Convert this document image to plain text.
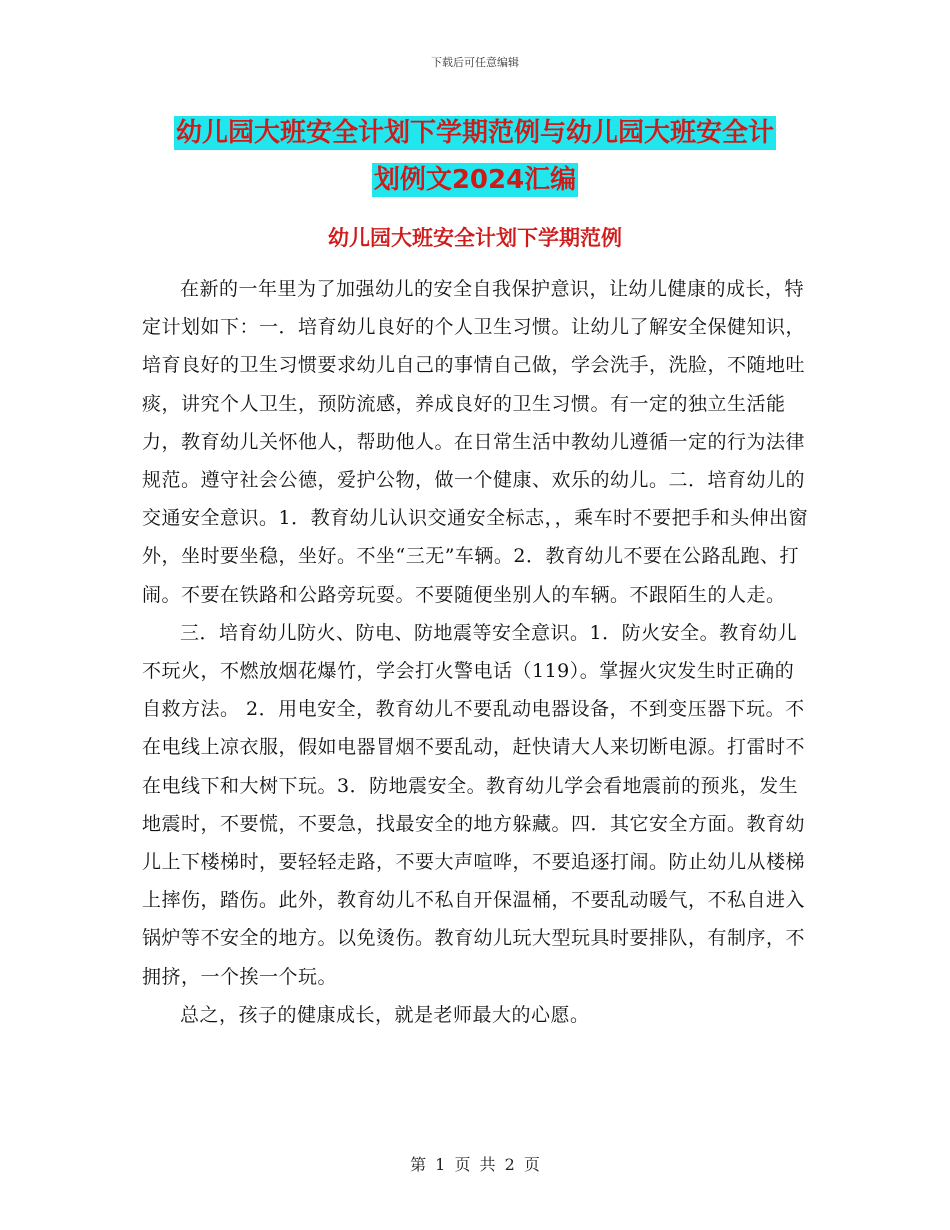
下载后可任意编辑
幼儿园大班安全计划下学期范例与幼儿园大班安全计
划例文2024汇编
幼儿园大班安全计划下学期范例

在新的一年里为了加强幼儿的安全自我保护意识，让幼儿健康的成长，特定计划如下：一．培育幼儿良好的个人卫生习惯。让幼儿了解安全保健知识，培育良好的卫生习惯要求幼儿自己的事情自己做，学会洗手，洗脸，不随地吐痰，讲究个人卫生，预防流感，养成良好的卫生习惯。有一定的独立生活能力，教育幼儿关怀他人，帮助他人。在日常生活中教幼儿遵循一定的行为法律规范。遵守社会公德，爱护公物，做一个健康、欢乐的幼儿。二．培育幼儿的交通安全意识。1．教育幼儿认识交通安全标志，，乘车时不要把手和头伸出窗外，坐时要坐稳，坐好。不坐“三无”车辆。2．教育幼儿不要在公路乱跑、打闹。不要在铁路和公路旁玩耍。不要随便坐别人的车辆。不跟陌生的人走。

三．培育幼儿防火、防电、防地震等安全意识。1．防火安全。教育幼儿不玩火，不燃放烟花爆竹，学会打火警电话（119）。掌握火灾发生时正确的自救方法。 2．用电安全，教育幼儿不要乱动电器设备，不到变压器下玩。不在电线上凉衣服，假如电器冒烟不要乱动，赶快请大人来切断电源。打雷时不在电线下和大树下玩。3．防地震安全。教育幼儿学会看地震前的预兆，发生地震时，不要慌，不要急，找最安全的地方躲藏。四．其它安全方面。教育幼儿上下楼梯时，要轻轻走路，不要大声喧哗，不要追逐打闹。防止幼儿从楼梯上摔伤，踏伤。此外，教育幼儿不私自开保温桶，不要乱动暖气，不私自进入锅炉等不安全的地方。以免烫伤。教育幼儿玩大型玩具时要排队，有制序，不拥挤，一个挨一个玩。

总之，孩子的健康成长，就是老师最大的心愿。

第 1 页 共 2 页
